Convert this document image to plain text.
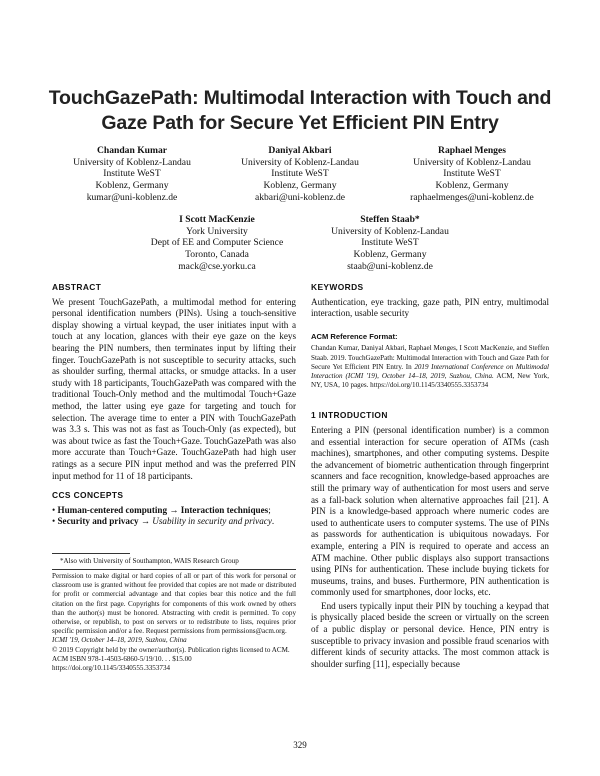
TouchGazePath: Multimodal Interaction with Touch and Gaze Path for Secure Yet Efficient PIN Entry
Chandan Kumar
University of Koblenz-Landau
Institute WeST
Koblenz, Germany
kumar@uni-koblenz.de
Daniyal Akbari
University of Koblenz-Landau
Institute WeST
Koblenz, Germany
akbari@uni-koblenz.de
Raphael Menges
University of Koblenz-Landau
Institute WeST
Koblenz, Germany
raphaelmenges@uni-koblenz.de
I Scott MacKenzie
York University
Dept of EE and Computer Science
Toronto, Canada
mack@cse.yorku.ca
Steffen Staab*
University of Koblenz-Landau
Institute WeST
Koblenz, Germany
staab@uni-koblenz.de
ABSTRACT

We present TouchGazePath, a multimodal method for entering personal identification numbers (PINs). Using a touch-sensitive display showing a virtual keypad, the user initiates input with a touch at any location, glances with their eye gaze on the keys bearing the PIN numbers, then terminates input by lifting their finger. TouchGazePath is not susceptible to security attacks, such as shoulder surfing, thermal attacks, or smudge attacks. In a user study with 18 participants, TouchGazePath was compared with the traditional Touch-Only method and the multimodal Touch+Gaze method, the latter using eye gaze for targeting and touch for selection. The average time to enter a PIN with TouchGazePath was 3.3 s. This was not as fast as Touch-Only (as expected), but was about twice as fast the Touch+Gaze. TouchGazePath was also more accurate than Touch+Gaze. TouchGazePath had high user ratings as a secure PIN input method and was the preferred PIN input method for 11 of 18 participants.

CCS CONCEPTS
• Human-centered computing → Interaction techniques;
• Security and privacy → Usability in security and privacy.
*Also with University of Southampton, WAIS Research Group

Permission to make digital or hard copies of all or part of this work for personal or classroom use is granted without fee provided that copies are not made or distributed for profit or commercial advantage and that copies bear this notice and the full citation on the first page. Copyrights for components of this work owned by others than the author(s) must be honored. Abstracting with credit is permitted. To copy otherwise, or republish, to post on servers or to redistribute to lists, requires prior specific permission and/or a fee. Request permissions from permissions@acm.org.

ICMI '19, October 14–18, 2019, Suzhou, China
© 2019 Copyright held by the owner/author(s). Publication rights licensed to ACM.
ACM ISBN 978-1-4503-6860-5/19/10. . . $15.00
https://doi.org/10.1145/3340555.3353734
KEYWORDS

Authentication, eye tracking, gaze path, PIN entry, multimodal interaction, usable security

ACM Reference Format:

Chandan Kumar, Daniyal Akbari, Raphael Menges, I Scott MacKenzie, and Steffen Staab. 2019. TouchGazePath: Multimodal Interaction with Touch and Gaze Path for Secure Yet Efficient PIN Entry. In 2019 International Conference on Multimodal Interaction (ICMI '19), October 14–18, 2019, Suzhou, China. ACM, New York, NY, USA, 10 pages. https://doi.org/10.1145/3340555.3353734

1 INTRODUCTION

Entering a PIN (personal identification number) is a common and essential interaction for secure operation of ATMs (cash machines), smartphones, and other computing systems. Despite the advancement of biometric authentication through fingerprint scanners and face recognition, knowledge-based approaches are still the primary way of authentication for most users and serve as a fall-back solution when alternative approaches fail [21]. A PIN is a knowledge-based approach where numeric codes are used to authenticate users to computer systems. The use of PINs as passwords for authentication is ubiquitous nowadays. For example, entering a PIN is required to operate and access an ATM machine. Other public displays also support transactions using PINs for authentication. These include buying tickets for museums, trains, and buses. Furthermore, PIN authentication is commonly used for smartphones, door locks, etc.

End users typically input their PIN by touching a keypad that is physically placed beside the screen or virtually on the screen of a public display or personal device. Hence, PIN entry is susceptible to privacy invasion and possible fraud scenarios with different kinds of security attacks. The most common attack is shoulder surfing [11], especially because

329
